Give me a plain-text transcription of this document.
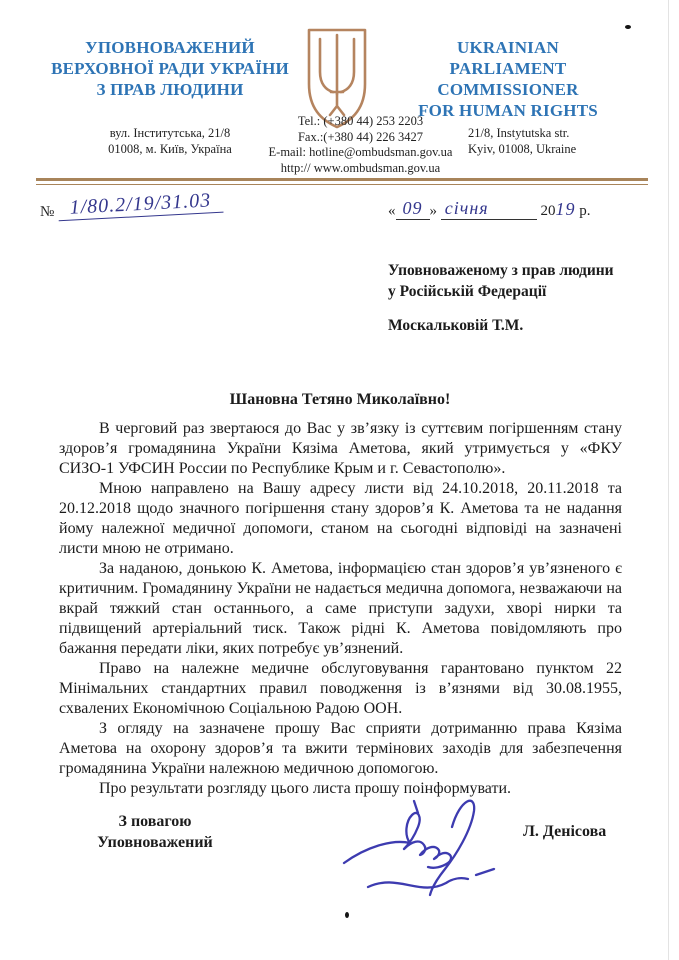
УПОВНОВАЖЕНИЙ
ВЕРХОВНОЇ РАДИ УКРАЇНИ
З ПРАВ ЛЮДИНИ
UKRAINIAN
PARLIAMENT COMMISSIONER
FOR HUMAN RIGHTS
вул. Інститутська, 21/8
01008, м. Київ, Україна
Tel.: (+380 44) 253 2203
Fax.:(+380 44) 226 3427
E-mail: hotline@ombudsman.gov.ua
http:// www.ombudsman.gov.ua
21/8, Instytutska str.
Kyiv, 01008, Ukraine
№ 1/80.2/19/31.03	« 09 » січня	2019 р.
Уповноваженому з прав людини
у Російській Федерації
Москальковій Т.М.
Шановна Тетяно Миколаївно!

В черговий раз звертаюся до Вас у зв’язку із суттєвим погіршенням стану здоров’я громадянина України Кязіма Аметова, який утримується у «ФКУ СИЗО-1 УФСИН России по Республике Крым и г. Севастополю».

Мною направлено на Вашу адресу листи від 24.10.2018, 20.11.2018 та 20.12.2018 щодо значного погіршення стану здоров’я К. Аметова та не надання йому належної медичної допомоги, станом на сьогодні відповіді на зазначені листи мною не отримано.

За наданою, донькою К. Аметова, інформацією стан здоров’я ув’язненого є критичним. Громадянину України не надається медична допомога, незважаючи на вкрай тяжкий стан останнього, а саме приступи задухи, хворі нирки та підвищений артеріальний тиск. Також рідні К. Аметова повідомляють про бажання передати ліки, яких потребує ув’язнений.

Право на належне медичне обслуговування гарантовано пунктом 22 Мінімальних стандартних правил поводження із в’язнями від 30.08.1955, схвалених Економічною Соціальною Радою ООН.

З огляду на зазначене прошу Вас сприяти дотриманню права Кязіма Аметова на охорону здоров’я та вжити термінових заходів для забезпечення громадянина України належною медичною допомогою.

Про результати розгляду цього листа прошу поінформувати.

З повагою
Уповноважений
Л. Денісова
